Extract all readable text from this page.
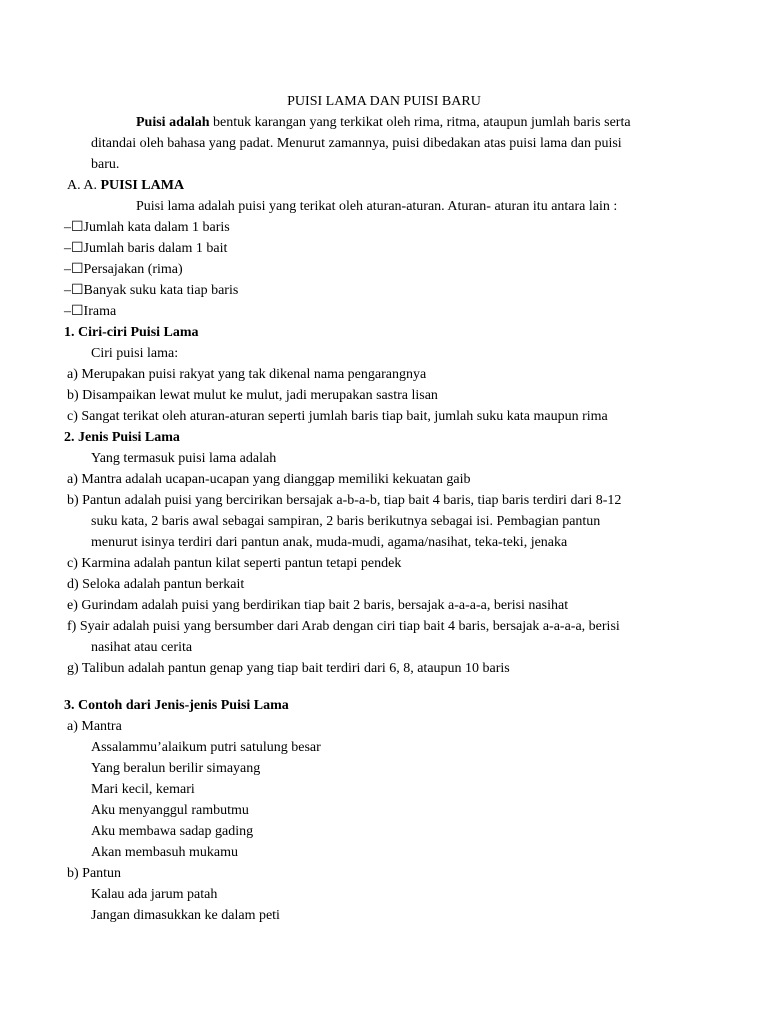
PUISI LAMA DAN PUISI BARU
Puisi adalah bentuk karangan yang terkikat oleh rima, ritma, ataupun jumlah baris serta
ditandai oleh bahasa yang padat. Menurut zamannya, puisi dibedakan atas puisi lama dan puisi
baru.
A. A. PUISI LAMA
Puisi lama adalah puisi yang terikat oleh aturan-aturan. Aturan- aturan itu antara lain :
–☐Jumlah kata dalam 1 baris
–☐Jumlah baris dalam 1 bait
–☐Persajakan (rima)
–☐Banyak suku kata tiap baris
–☐Irama
1. Ciri-ciri Puisi Lama
Ciri puisi lama:
a) Merupakan puisi rakyat yang tak dikenal nama pengarangnya
b) Disampaikan lewat mulut ke mulut, jadi merupakan sastra lisan
c) Sangat terikat oleh aturan-aturan seperti jumlah baris tiap bait, jumlah suku kata maupun rima
2. Jenis Puisi Lama
Yang termasuk puisi lama adalah
a) Mantra adalah ucapan-ucapan yang dianggap memiliki kekuatan gaib
b) Pantun adalah puisi yang bercirikan bersajak a-b-a-b, tiap bait 4 baris, tiap baris terdiri dari 8-12
suku kata, 2 baris awal sebagai sampiran, 2 baris berikutnya sebagai isi. Pembagian pantun
menurut isinya terdiri dari pantun anak, muda-mudi, agama/nasihat, teka-teki, jenaka
c) Karmina adalah pantun kilat seperti pantun tetapi pendek
d) Seloka adalah pantun berkait
e) Gurindam adalah puisi yang berdirikan tiap bait 2 baris, bersajak a-a-a-a, berisi nasihat
f) Syair adalah puisi yang bersumber dari Arab dengan ciri tiap bait 4 baris, bersajak a-a-a-a, berisi
nasihat atau cerita
g) Talibun adalah pantun genap yang tiap bait terdiri dari 6, 8, ataupun 10 baris
3. Contoh dari Jenis-jenis Puisi Lama
a) Mantra
Assalammu’alaikum putri satulung besar
Yang beralun berilir simayang
Mari kecil, kemari
Aku menyanggul rambutmu
Aku membawa sadap gading
Akan membasuh mukamu
b) Pantun
Kalau ada jarum patah
Jangan dimasukkan ke dalam peti
